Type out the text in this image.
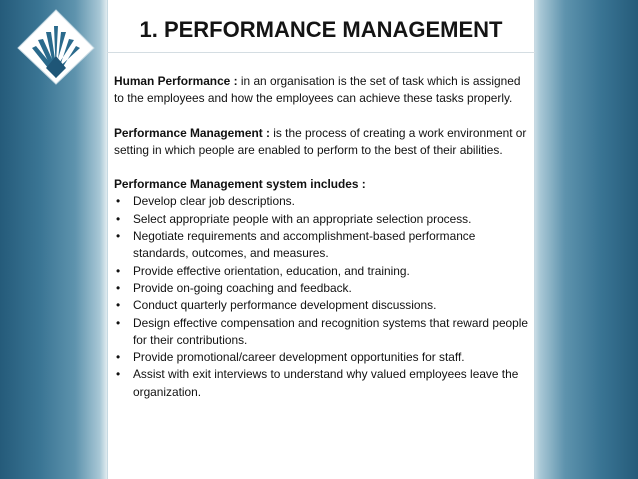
1. PERFORMANCE MANAGEMENT

Human Performance : in an organisation is the set of task which is assigned to the employees and how the employees can achieve these tasks properly.

Performance Management : is the process of creating a work environment or setting in which people are enabled to perform to the best of their abilities.

Performance Management system includes :

• Develop clear job descriptions.
• Select appropriate people with an appropriate selection process.
• Negotiate requirements and accomplishment-based performance standards, outcomes, and measures.
• Provide effective orientation, education, and training.
• Provide on-going coaching and feedback.
• Conduct quarterly performance development discussions.
• Design effective compensation and recognition systems that reward people for their contributions.
• Provide promotional/career development opportunities for staff.
• Assist with exit interviews to understand why valued employees leave the organization.
